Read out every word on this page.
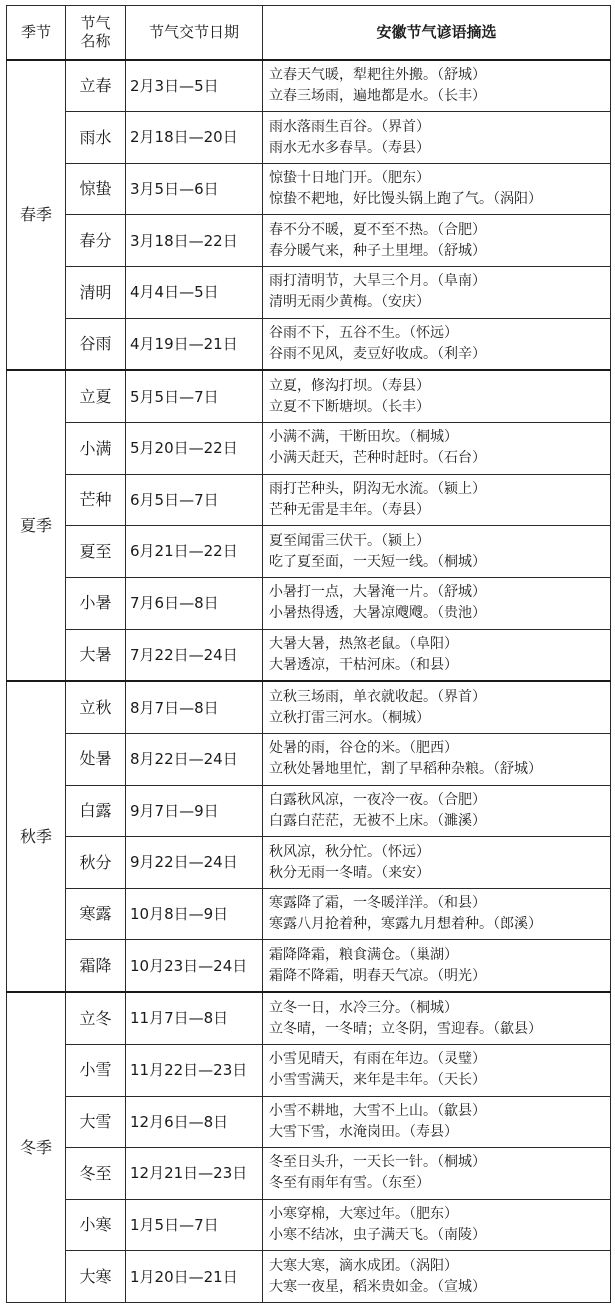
季节	节气名称	节气交节日期	安徽节气谚语摘选
春季	立春	2月3日—5日	立春天气暖，犁耙往外搬。（舒城）
立春三场雨，遍地都是水。（长丰）

	雨水	2月18日—20日	雨水落雨生百谷。（界首）
雨水无水多春旱。（寿县）

	惊蛰	3月5日—6日	惊蛰十日地门开。（肥东）
惊蛰不耙地，好比馒头锅上跑了气。（涡阳）

	春分	3月18日—22日	春不分不暖，夏不至不热。（合肥）
春分暖气来，种子土里埋。（舒城）

	清明	4月4日—5日	雨打清明节，大旱三个月。（阜南）
清明无雨少黄梅。（安庆）

	谷雨	4月19日—21日	谷雨不下，五谷不生。（怀远）
谷雨不见风，麦豆好收成。（利辛）

夏季	立夏	5月5日—7日	立夏，修沟打坝。（寿县）
立夏不下断塘坝。（长丰）

	小满	5月20日—22日	小满不满，干断田坎。（桐城）
小满天赶天，芒种时赶时。（石台）

	芒种	6月5日—7日	雨打芒种头，阴沟无水流。（颍上）
芒种无雷是丰年。（寿县）

	夏至	6月21日—22日	夏至闻雷三伏干。（颍上）
吃了夏至面，一天短一线。（桐城）

	小暑	7月6日—8日	小暑打一点，大暑淹一片。（舒城）
小暑热得透，大暑凉飕飕。（贵池）

	大暑	7月22日—24日	大暑大暑，热煞老鼠。（阜阳）
大暑透凉，干枯河床。（和县）

秋季	立秋	8月7日—8日	立秋三场雨，单衣就收起。（界首）
立秋打雷三河水。（桐城）

	处暑	8月22日—24日	处暑的雨，谷仓的米。（肥西）
立秋处暑地里忙，割了早稻种杂粮。（舒城）

	白露	9月7日—9日	白露秋风凉，一夜冷一夜。（合肥）
白露白茫茫，无被不上床。（濉溪）

	秋分	9月22日—24日	秋风凉，秋分忙。（怀远）
秋分无雨一冬晴。（来安）

	寒露	10月8日—9日	寒露降了霜，一冬暖洋洋。（和县）
寒露八月抢着种，寒露九月想着种。（郎溪）

	霜降	10月23日—24日	霜降降霜，粮食满仓。（巢湖）
霜降不降霜，明春天气凉。（明光）

冬季	立冬	11月7日—8日	立冬一日，水冷三分。（桐城）
立冬晴，一冬晴；立冬阴，雪迎春。（歙县）

	小雪	11月22日—23日	小雪见晴天，有雨在年边。（灵璧）
小雪雪满天，来年是丰年。（天长）

	大雪	12月6日—8日	小雪不耕地，大雪不上山。（歙县）
大雪下雪，水淹岗田。（寿县）

	冬至	12月21日—23日	冬至日头升，一天长一针。（桐城）
冬至有雨年有雪。（东至）

	小寒	1月5日—7日	小寒穿棉，大寒过年。（肥东）
小寒不结冰，虫子满天飞。（南陵）

	大寒	1月20日—21日	大寒大寒，滴水成团。（涡阳）
大寒一夜星，稻米贵如金。（宣城）
